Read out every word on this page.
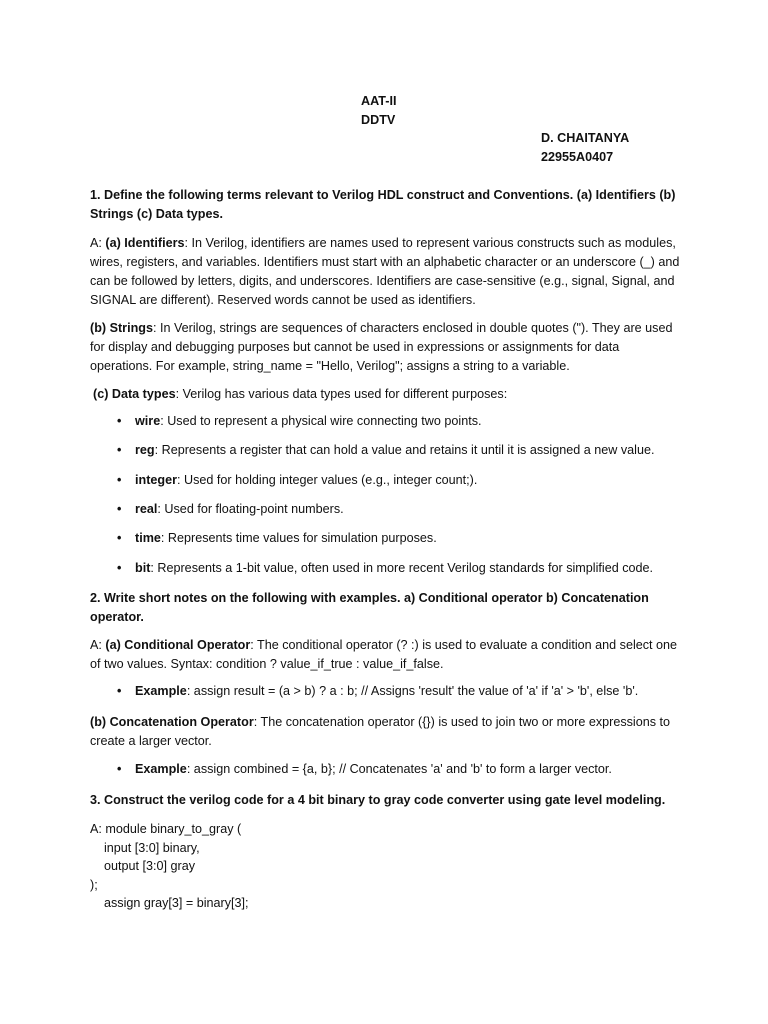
AAT-II
DDTV
D. CHAITANYA
22955A0407
1. Define the following terms relevant to Verilog HDL construct and Conventions. (a) Identifiers (b) Strings (c) Data types.
A: (a) Identifiers: In Verilog, identifiers are names used to represent various constructs such as modules, wires, registers, and variables. Identifiers must start with an alphabetic character or an underscore (_) and can be followed by letters, digits, and underscores. Identifiers are case-sensitive (e.g., signal, Signal, and SIGNAL are different). Reserved words cannot be used as identifiers.
(b) Strings: In Verilog, strings are sequences of characters enclosed in double quotes ("). They are used for display and debugging purposes but cannot be used in expressions or assignments for data operations. For example, string_name = "Hello, Verilog"; assigns a string to a variable.
(c) Data types: Verilog has various data types used for different purposes:
• wire: Used to represent a physical wire connecting two points.
• reg: Represents a register that can hold a value and retains it until it is assigned a new value.
• integer: Used for holding integer values (e.g., integer count;).
• real: Used for floating-point numbers.
• time: Represents time values for simulation purposes.
• bit: Represents a 1-bit value, often used in more recent Verilog standards for simplified code.
2. Write short notes on the following with examples. a) Conditional operator b) Concatenation operator.
A: (a) Conditional Operator: The conditional operator (? :) is used to evaluate a condition and select one of two values. Syntax: condition ? value_if_true : value_if_false.
• Example: assign result = (a > b) ? a : b; // Assigns 'result' the value of 'a' if 'a' > 'b', else 'b'.
(b) Concatenation Operator: The concatenation operator ({}) is used to join two or more expressions to create a larger vector.
• Example: assign combined = {a, b}; // Concatenates 'a' and 'b' to form a larger vector.
3. Construct the verilog code for a 4 bit binary to gray code converter using gate level modeling.
A: module binary_to_gray (
input [3:0] binary,
output [3:0] gray
);
assign gray[3] = binary[3];
